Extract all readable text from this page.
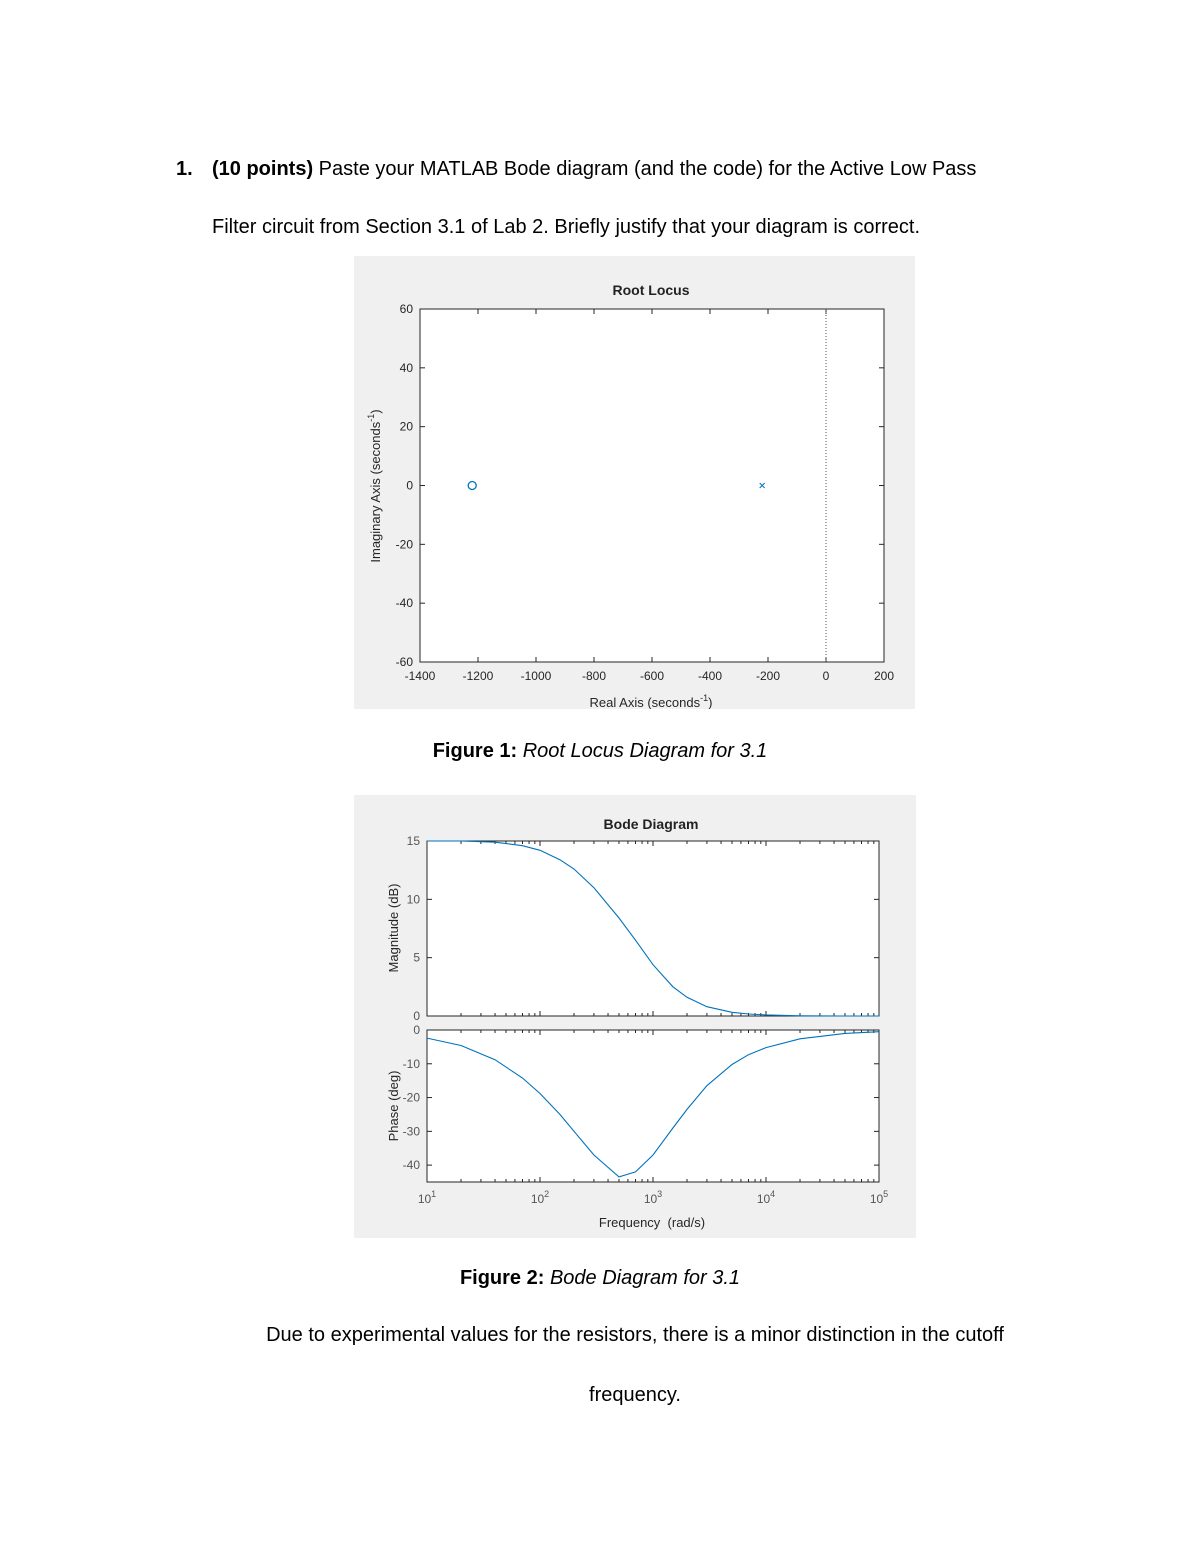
1. (10 points) Paste your MATLAB Bode diagram (and the code) for the Active Low Pass
Filter circuit from Section 3.1 of Lab 2. Briefly justify that your diagram is correct.
Root Locus
-1400 -1200 -1000	-800	-600	-400	-200	0	200
-60
-40
-20
0
20
40
60
Real Axis (seconds$^{-1}$)
Imaginary Axis (seconds$^{-1}$)
Figure 1: Root Locus Diagram for 3.1
Bode Diagram
0
5
10
15
0
-10
-20
-30
-40
$10^1$	$10^2$	$10^3$	$10^4$	$10^5$
Frequency  (rad/s)
Magnitude (dB)
Phase (deg)
Figure 2: Bode Diagram for 3.1
Due to experimental values for the resistors, there is a minor distinction in the cutoff
frequency.
